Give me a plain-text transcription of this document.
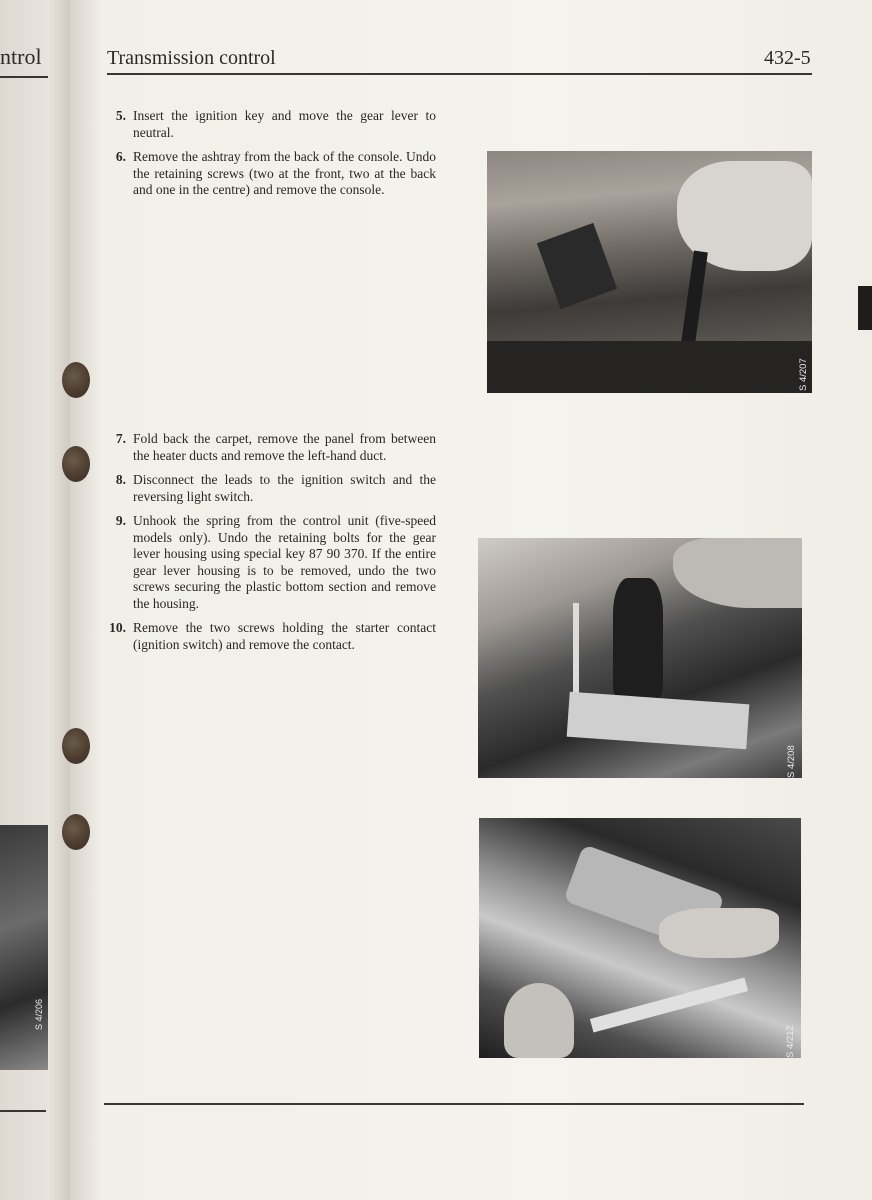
ntrol
S 4/206
Transmission control	432-5
5. Insert the ignition key and move the gear lever to neutral.
6. Remove the ashtray from the back of the console. Undo the retaining screws (two at the front, two at the back and one in the centre) and remove the console.
7. Fold back the carpet, remove the panel from between the heater ducts and remove the left-hand duct.
8. Disconnect the leads to the ignition switch and the reversing light switch.
9. Unhook the spring from the control unit (five-speed models only). Undo the retaining bolts for the gear lever housing using special key 87 90 370. If the entire gear lever housing is to be removed, undo the two screws securing the plastic bottom section and remove the housing.
10. Remove the two screws holding the starter contact (ignition switch) and remove the contact.
S 4/207
S 4/208
S 4/212
